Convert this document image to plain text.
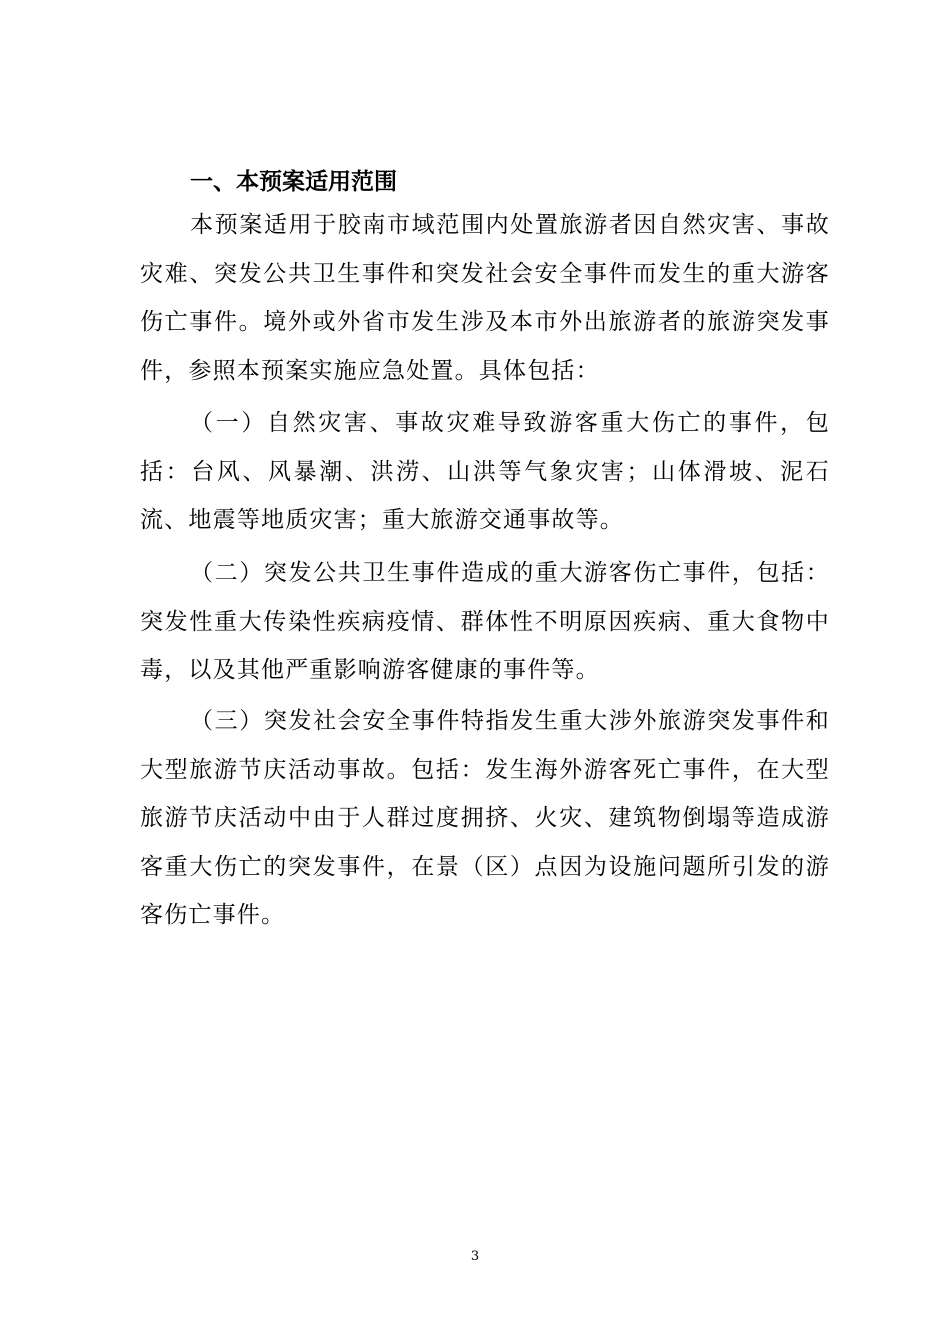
一、本预案适用范围

本预案适用于胶南市域范围内处置旅游者因自然灾害、事故灾难、突发公共卫生事件和突发社会安全事件而发生的重大游客伤亡事件。境外或外省市发生涉及本市外出旅游者的旅游突发事件，参照本预案实施应急处置。具体包括：

（一）自然灾害、事故灾难导致游客重大伤亡的事件，包括：台风、风暴潮、洪涝、山洪等气象灾害；山体滑坡、泥石流、地震等地质灾害；重大旅游交通事故等。

（二）突发公共卫生事件造成的重大游客伤亡事件，包括：突发性重大传染性疾病疫情、群体性不明原因疾病、重大食物中毒，以及其他严重影响游客健康的事件等。

（三）突发社会安全事件特指发生重大涉外旅游突发事件和大型旅游节庆活动事故。包括：发生海外游客死亡事件，在大型旅游节庆活动中由于人群过度拥挤、火灾、建筑物倒塌等造成游客重大伤亡的突发事件，在景（区）点因为设施问题所引发的游客伤亡事件。

3
